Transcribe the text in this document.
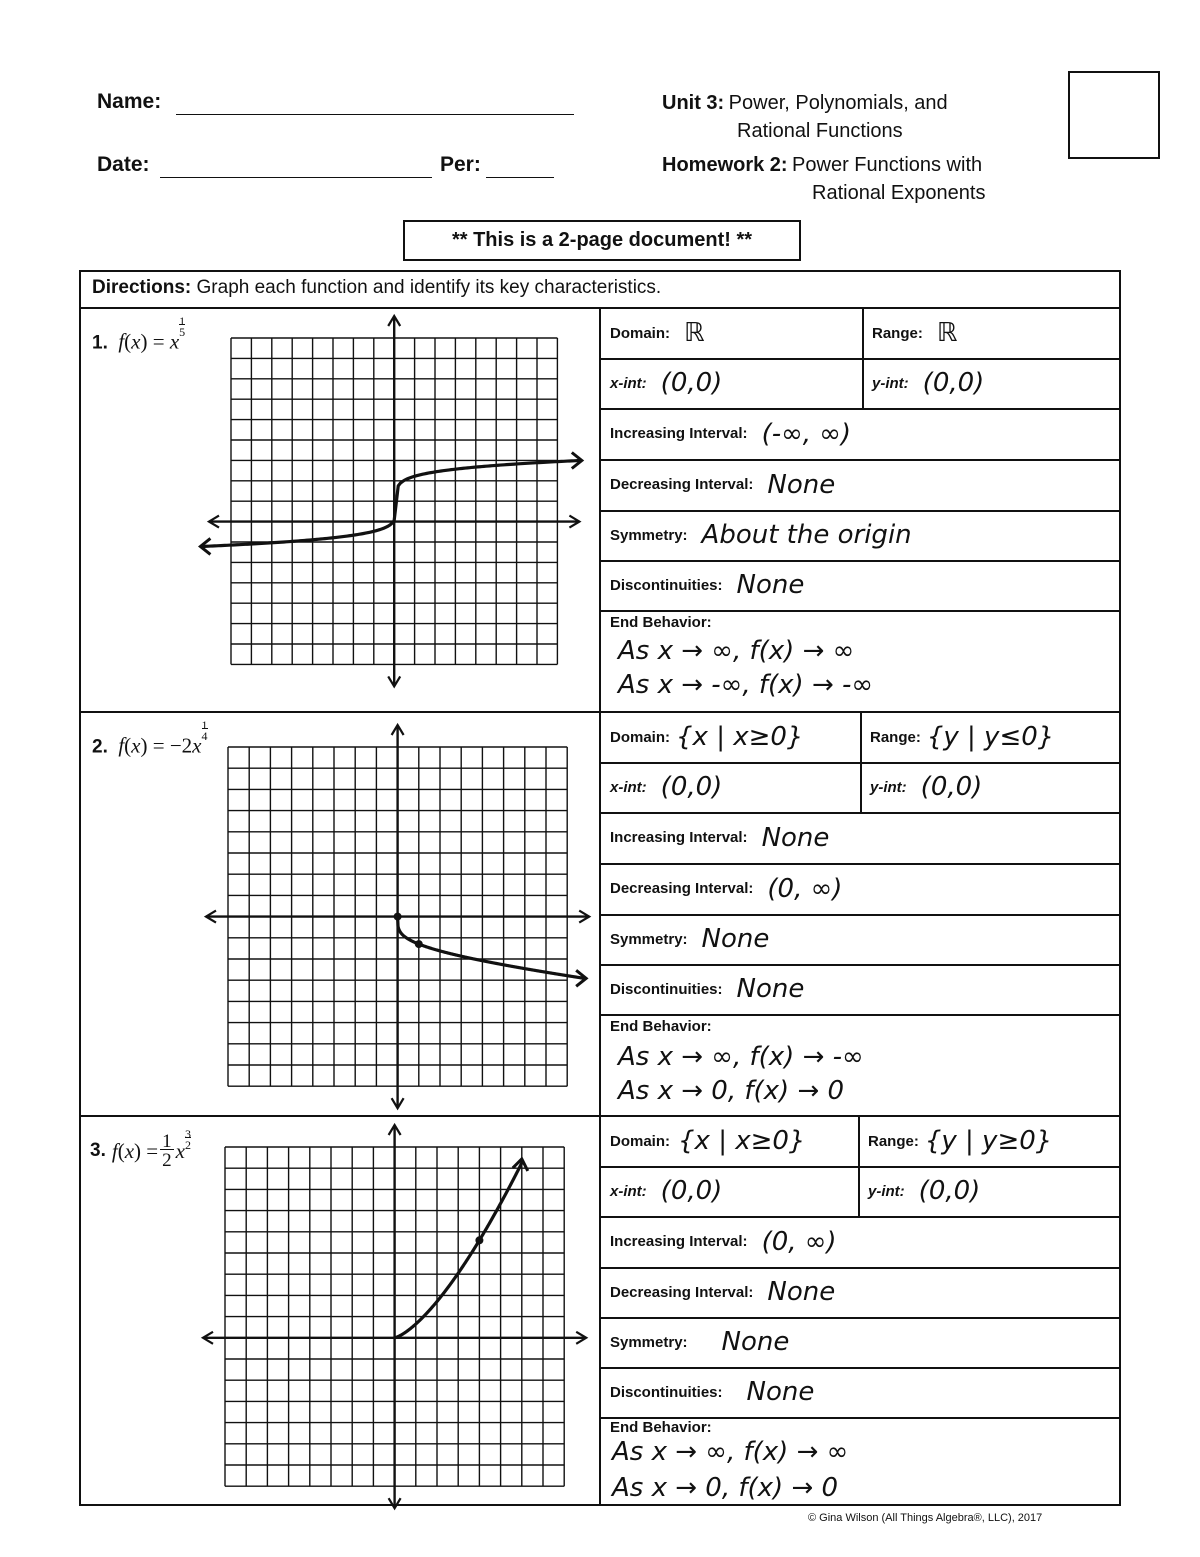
Name:
Date:	Per:
Unit 3: Power, Polynomials, and
Rational Functions
Homework 2: Power Functions with
Rational Exponents
** This is a 2-page document! **
Directions: Graph each function and identify its key characteristics.
1. $f(x) = x^{1 5}$	Domain: ℝ	Range: ℝ
x-int: (0,0)	y-int: (0,0)
Increasing Interval: (-∞, ∞)
Decreasing Interval: None
Symmetry: About the origin
Discontinuities: None
End Behavior:
As x → ∞, f(x) → ∞
As x → -∞, f(x) → -∞
2. $f(x) = -2x^{1 4}$	Domain: {x | x≥0}	Range: {y | y≤0}
x-int: (0,0)	y-int: (0,0)
Increasing Interval: None
Decreasing Interval: (0, ∞)
Symmetry: None
Discontinuities: None
End Behavior:
As x → ∞, f(x) → -∞
As x → 0, f(x) → 0
3. f ( x ) = 1
2 x
$^{3 2}$	Domain: {x | x≥0}	Range: {y | y≥0}
x-int: (0,0)	y-int: (0,0)
Increasing Interval: (0, ∞)
Decreasing Interval: None
Symmetry: None
Discontinuities: None
End Behavior:
As x → ∞, f(x) → ∞
As x → 0, f(x) → 0
© Gina Wilson (All Things Algebra®, LLC), 2017
